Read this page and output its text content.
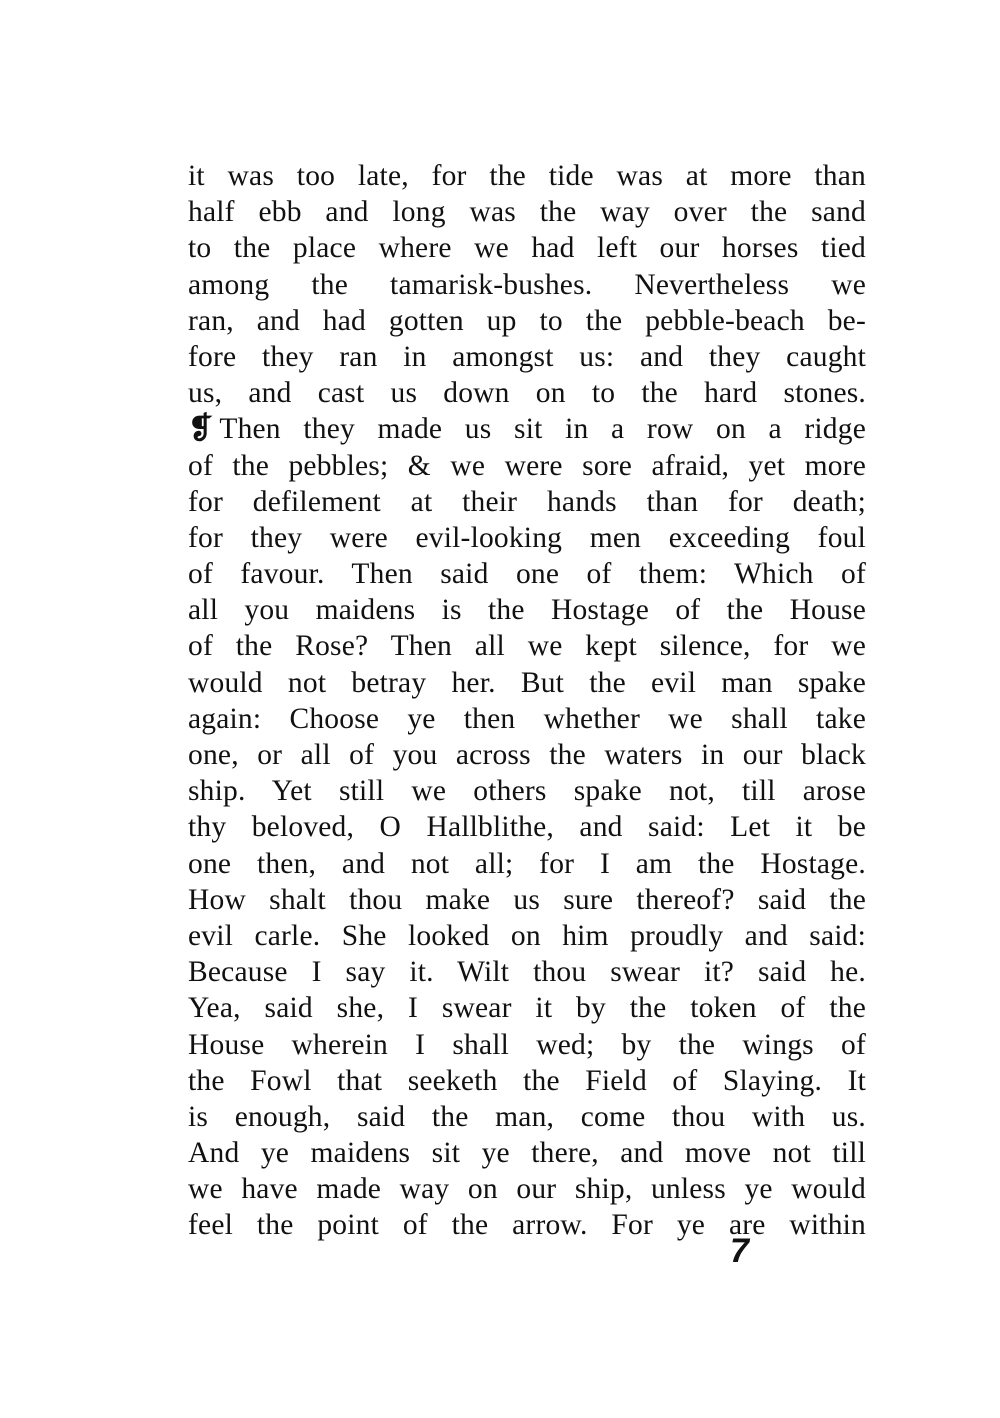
it was too late, for the tide was at more than
half ebb and long was the way over the sand
to the place where we had left our horses tied
among the tamarisk-bushes. Nevertheless we
ran, and had gotten up to the pebble-beach be-
fore they ran in amongst us: and they caught
us, and cast us down on to the hard stones.
❡ Then they made us sit in a row on a ridge
of the pebbles; & we were sore afraid, yet more
for defilement at their hands than for death;
for they were evil-looking men exceeding foul
of favour. Then said one of them: Which of
all you maidens is the Hostage of the House
of the Rose? Then all we kept silence, for we
would not betray her. But the evil man spake
again: Choose ye then whether we shall take
one, or all of you across the waters in our black
ship. Yet still we others spake not, till arose
thy beloved, O Hallblithe, and said: Let it be
one then, and not all; for I am the Hostage.
How shalt thou make us sure thereof? said the
evil carle. She looked on him proudly and said:
Because I say it. Wilt thou swear it? said he.
Yea, said she, I swear it by the token of the
House wherein I shall wed; by the wings of
the Fowl that seeketh the Field of Slaying. It
is enough, said the man, come thou with us.
And ye maidens sit ye there, and move not till
we have made way on our ship, unless ye would
feel the point of the arrow. For ye are within
7
